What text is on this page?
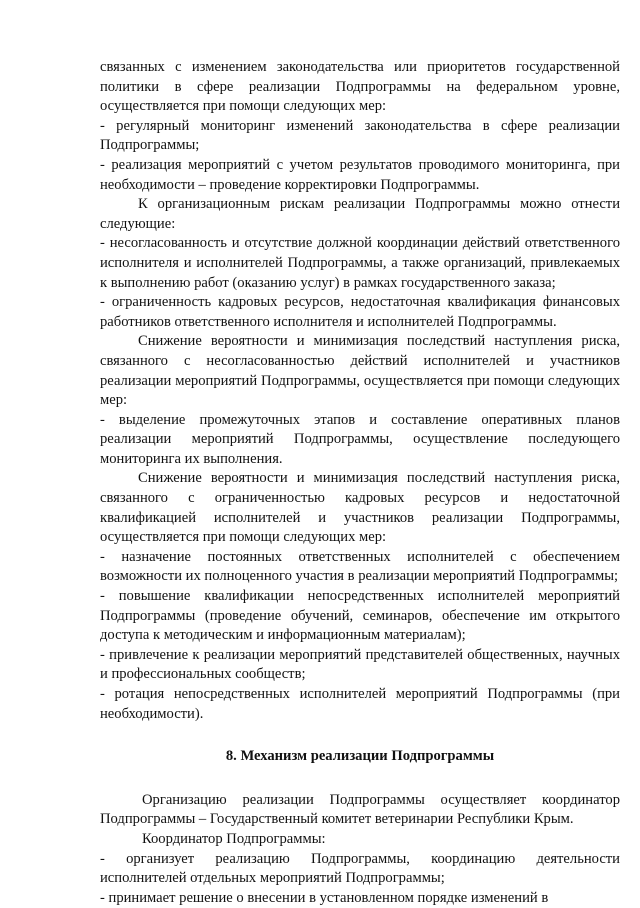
связанных с изменением законодательства или приоритетов государственной политики в сфере реализации Подпрограммы на федеральном уровне, осуществляется при помощи следующих мер:

- регулярный мониторинг изменений законодательства в сфере реализации Подпрограммы;

- реализация мероприятий с учетом результатов проводимого мониторинга, при необходимости – проведение корректировки Подпрограммы.

К организационным рискам реализации Подпрограммы можно отнести следующие:

- несогласованность и отсутствие должной координации действий ответственного исполнителя и исполнителей Подпрограммы, а также организаций, привлекаемых к выполнению работ (оказанию услуг) в рамках государственного заказа;

- ограниченность кадровых ресурсов, недостаточная квалификация финансовых работников ответственного исполнителя и исполнителей Подпрограммы.

Снижение вероятности и минимизация последствий наступления риска, связанного с несогласованностью действий исполнителей и участников реализации мероприятий Подпрограммы, осуществляется при помощи следующих мер:

- выделение промежуточных этапов и составление оперативных планов реализации мероприятий Подпрограммы, осуществление последующего мониторинга их выполнения.

Снижение вероятности и минимизация последствий наступления риска, связанного с ограниченностью кадровых ресурсов и недостаточной квалификацией исполнителей и участников реализации Подпрограммы, осуществляется при помощи следующих мер:

- назначение постоянных ответственных исполнителей с обеспечением возможности их полноценного участия в реализации мероприятий Подпрограммы;

- повышение квалификации непосредственных исполнителей мероприятий Подпрограммы (проведение обучений, семинаров, обеспечение им открытого доступа к методическим и информационным материалам);

- привлечение к реализации мероприятий представителей общественных, научных и профессиональных сообществ;

- ротация непосредственных исполнителей мероприятий Подпрограммы (при необходимости).

8. Механизм реализации Подпрограммы

Организацию реализации Подпрограммы осуществляет координатор Подпрограммы – Государственный комитет ветеринарии Республики Крым.

Координатор Подпрограммы:

- организует реализацию Подпрограммы, координацию деятельности исполнителей отдельных мероприятий Подпрограммы;

- принимает решение о внесении в установленном порядке изменений в
